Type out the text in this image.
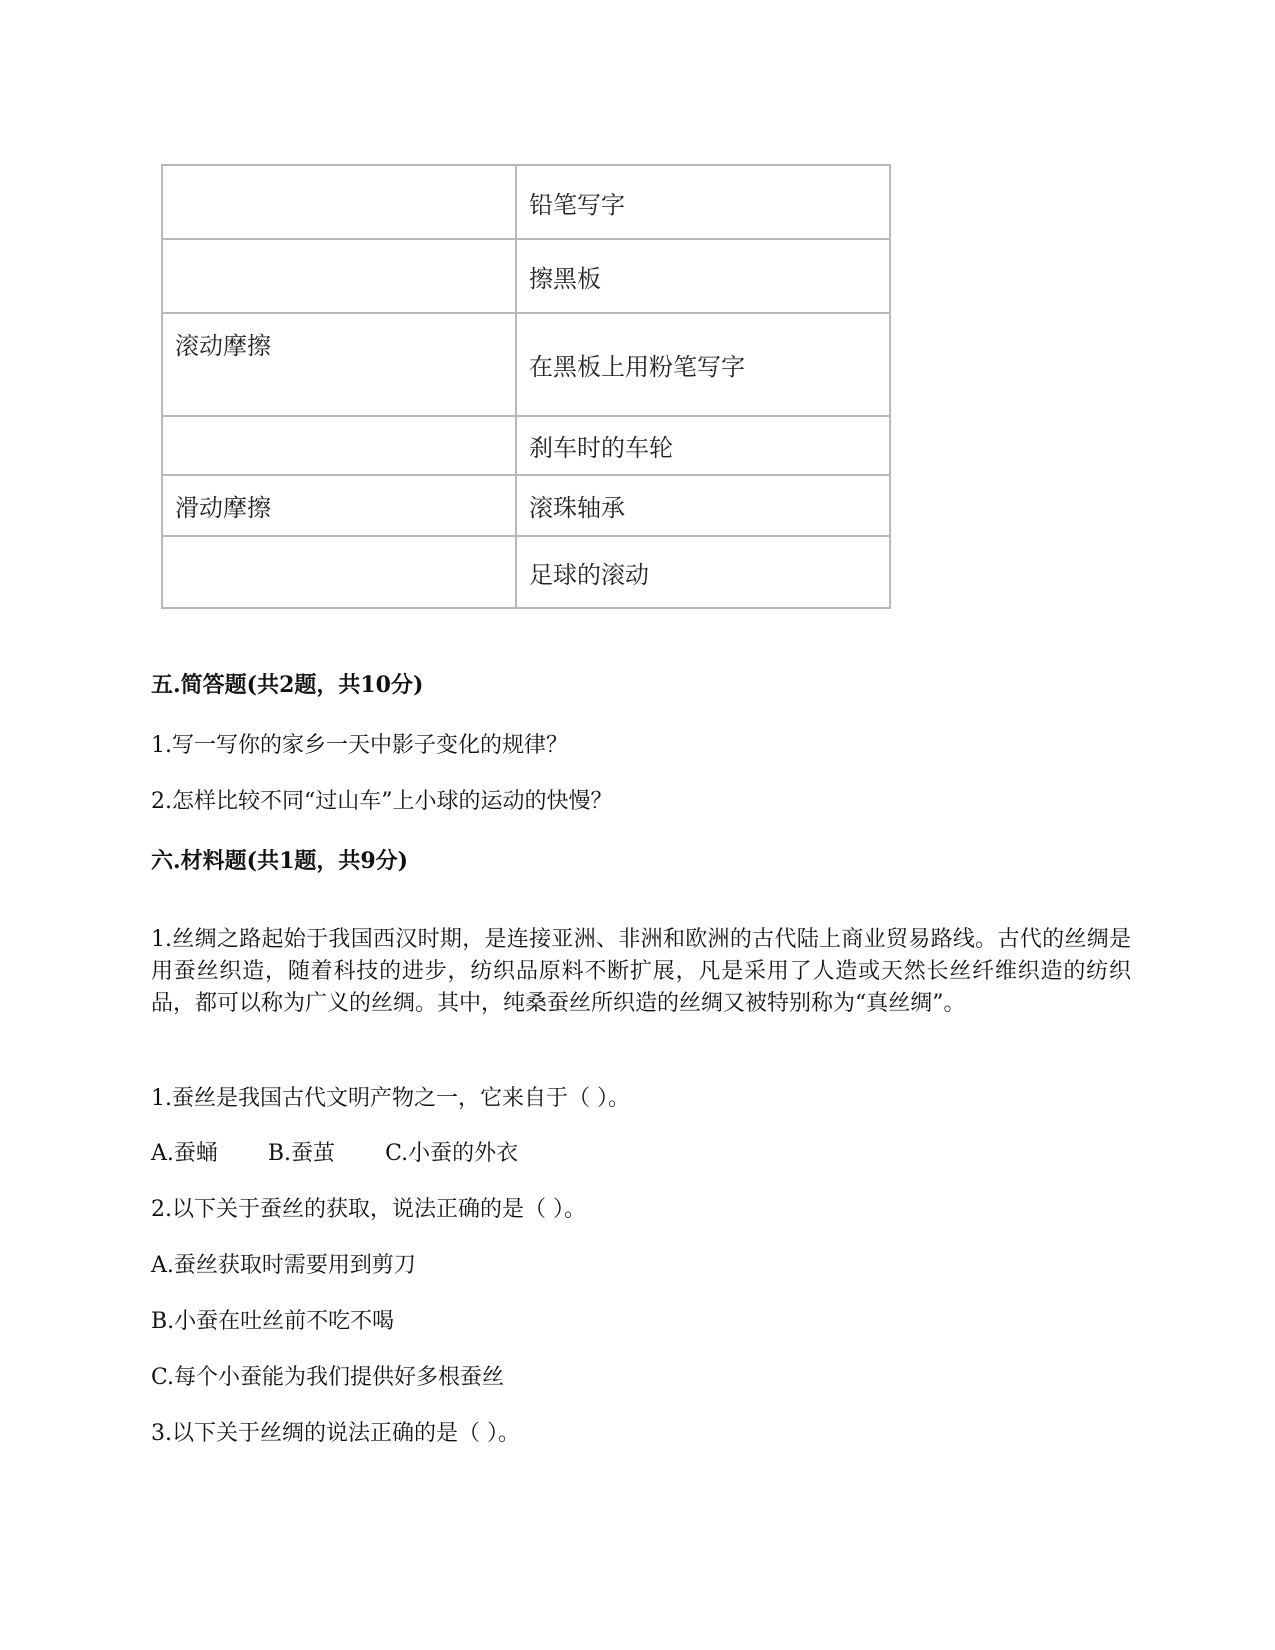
	铅笔写字
	擦黑板
滚动摩擦	在黑板上用粉笔写字
	刹车时的车轮
滑动摩擦	滚珠轴承
	足球的滚动

五.简答题(共2题，共10分)

1.写一写你的家乡一天中影子变化的规律？

2.怎样比较不同“过山车”上小球的运动的快慢？

六.材料题(共1题，共9分)

1.丝绸之路起始于我国西汉时期，是连接亚洲、非洲和欧洲的古代陆上商业贸易路线。古代的丝绸是用蚕丝织造，随着科技的进步，纺织品原料不断扩展，凡是采用了人造或天然长丝纤维织造的纺织品，都可以称为广义的丝绸。其中，纯桑蚕丝所织造的丝绸又被特别称为“真丝绸”。

1.蚕丝是我国古代文明产物之一，它来自于（ ）。

A.蚕蛹 B.蚕茧 C.小蚕的外衣

2.以下关于蚕丝的获取，说法正确的是（ ）。

A.蚕丝获取时需要用到剪刀

B.小蚕在吐丝前不吃不喝

C.每个小蚕能为我们提供好多根蚕丝

3.以下关于丝绸的说法正确的是（ ）。
